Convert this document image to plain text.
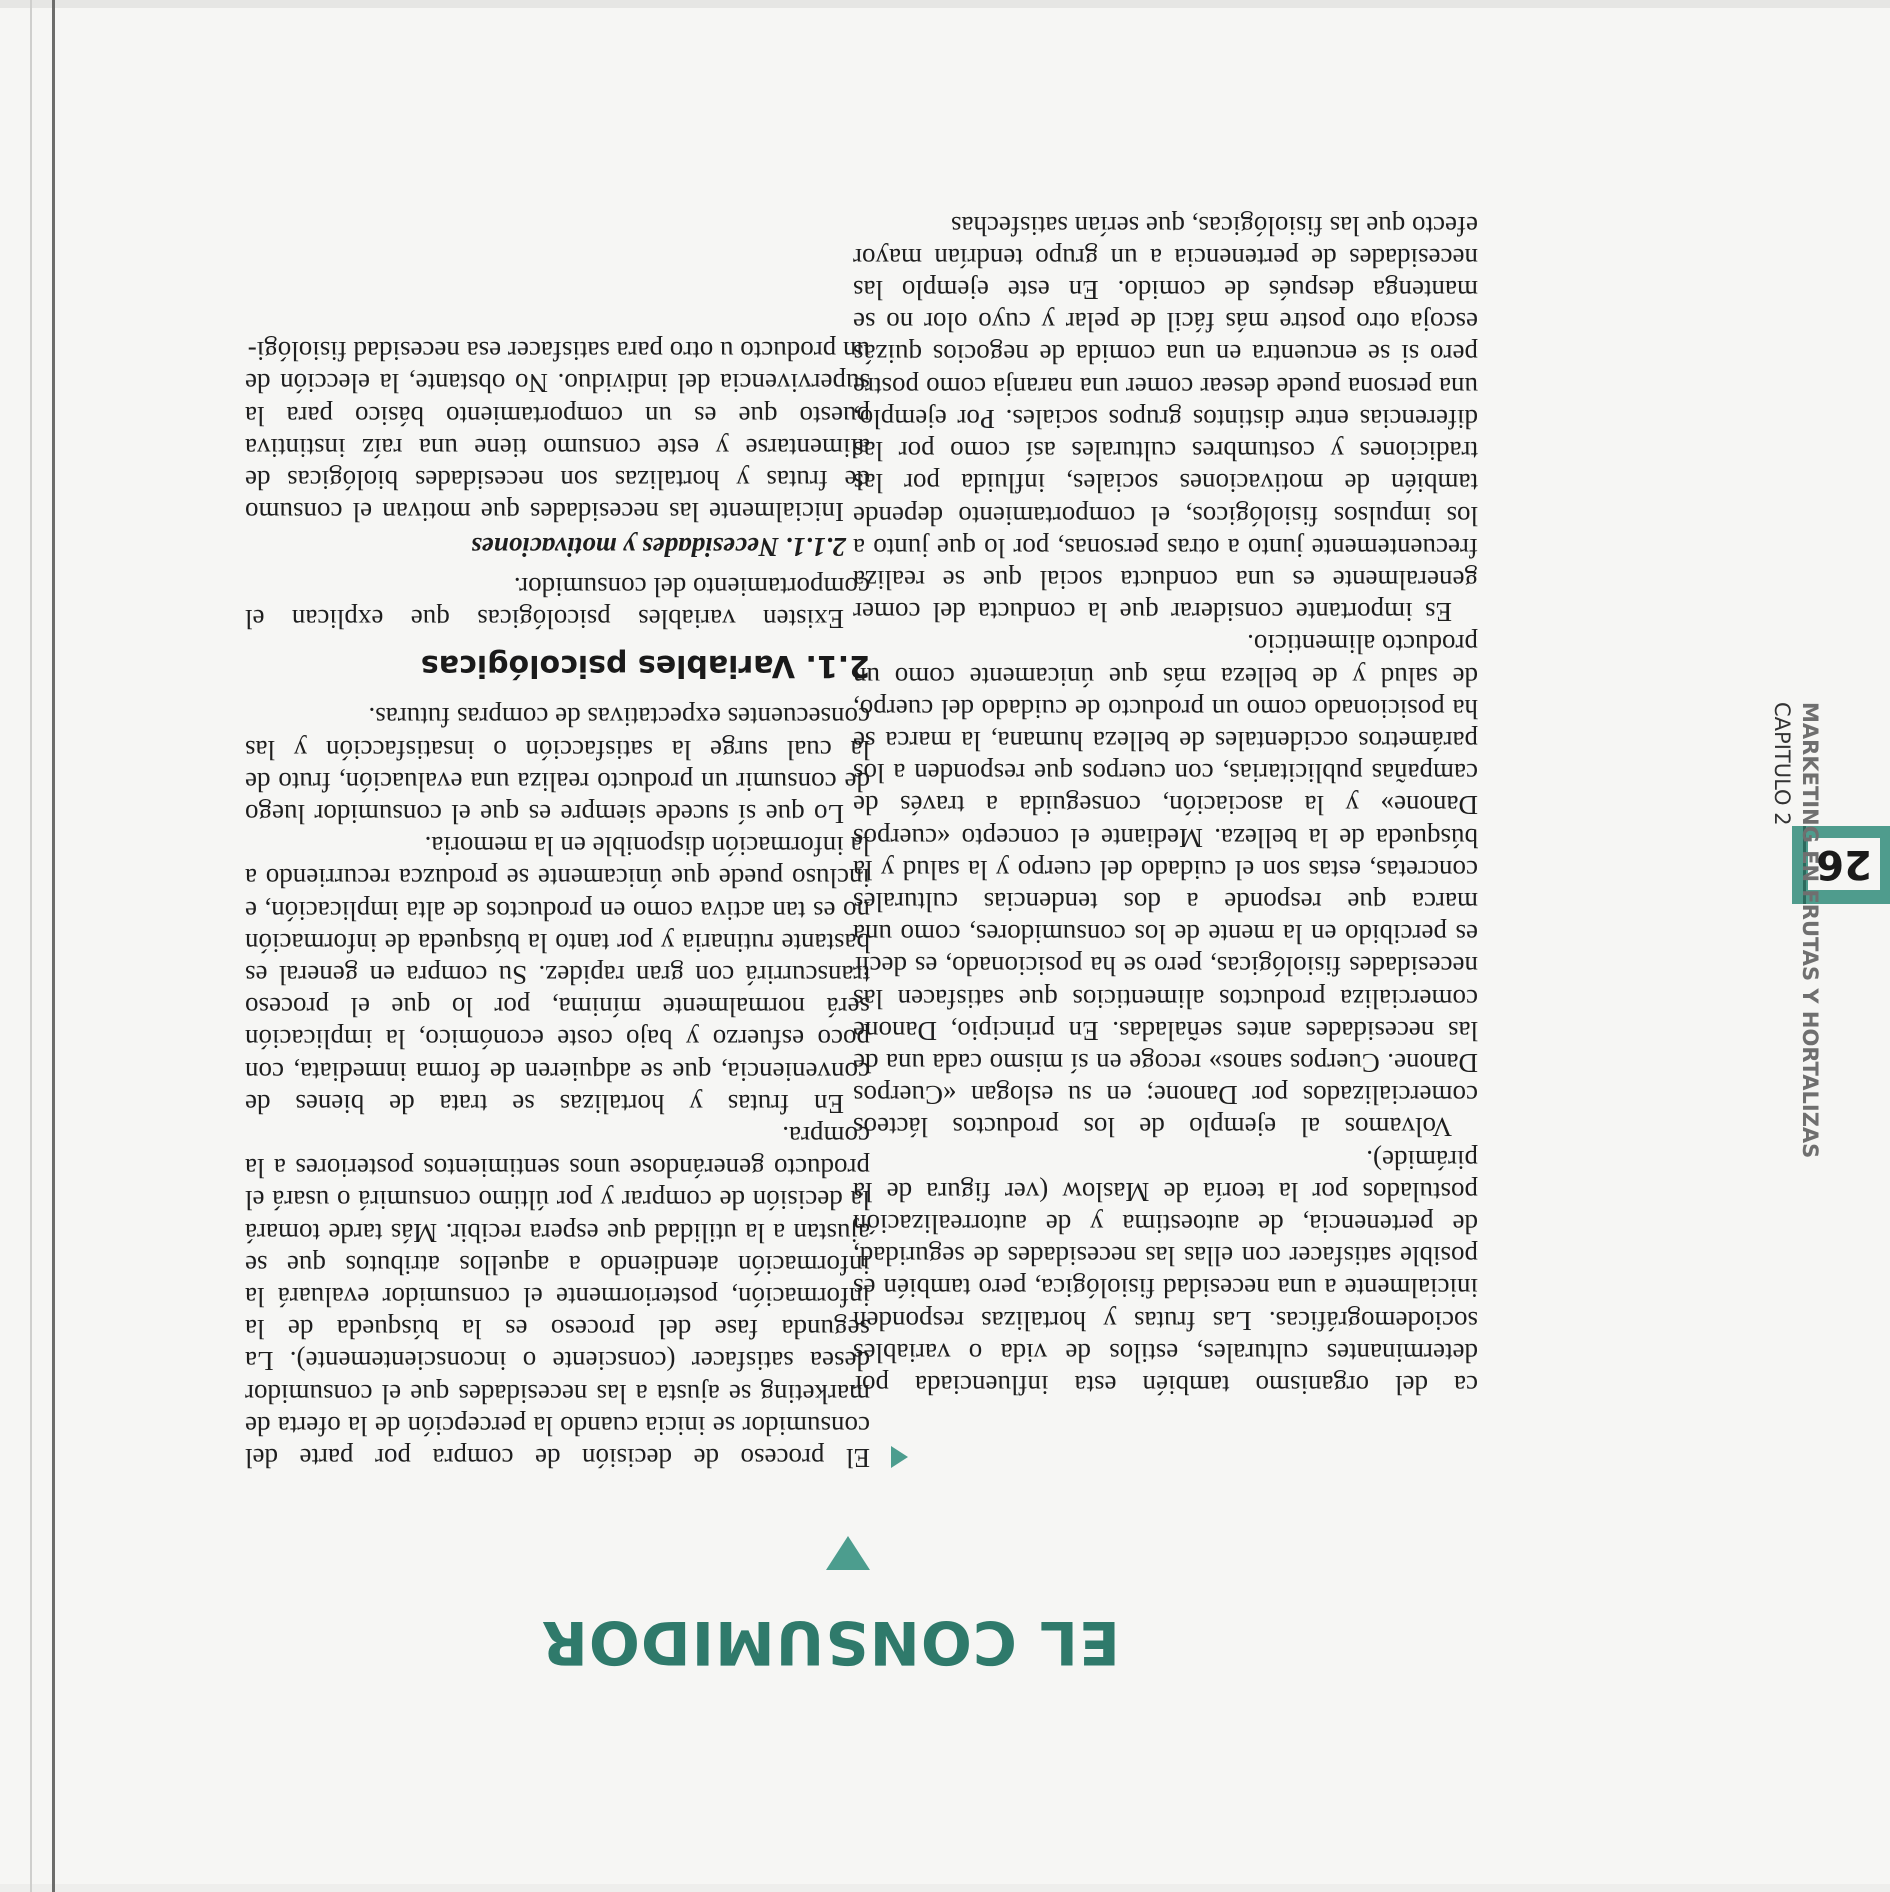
EL CONSUMIDOR

ca del organismo también esta influenciada por determinantes culturales, estilos de vida o variables sociodemográficas. Las frutas y hortalizas responden inicialmente a una necesidad fisiológica, pero también es posible satisfacer con ellas las necesidades de seguridad, de pertenencia, de autoestima y de autorrealización postulados por la teoría de Maslow (ver figura de la pirámide).

Volvamos al ejemplo de los productos lácteos comercializados por Danone; en su eslogan «Cuerpos Danone. Cuerpos sanos» recoge en sí mismo cada una de las necesidades antes señaladas. En principio, Danone comercializa productos alimenticios que satisfacen las necesidades fisiológicas, pero se ha posicionado, es decir es percibido en la mente de los consumidores, como una marca que responde a dos tendencias culturales concretas, estas son el cuidado del cuerpo y la salud y la búsqueda de la belleza. Mediante el concepto «cuerpos Danone» y la asociación, conseguida a través de campañas publicitarias, con cuerpos que responden a los parámetros occidentales de belleza humana, la marca se ha posicionado como un producto de cuidado del cuerpo, de salud y de belleza más que únicamente como un producto alimenticio.

Es importante considerar que la conducta del comer generalmente es una conducta social que se realiza frecuentemente junto a otras personas, por lo que junto a los impulsos fisiológicos, el comportamiento depende también de motivaciones sociales, influida por las tradiciones y costumbres culturales así como por las diferencias entre distintos grupos sociales. Por ejemplo, una persona puede desear comer una naranja como postre pero si se encuentra en una comida de negocios quizás escoja otro postre más fácil de pelar y cuyo olor no se mantenga después de comido. En este ejemplo las necesidades de pertenencia a un grupo tendrían mayor efecto que las fisiológicas, que serían satisfechas

El proceso de decisión de compra por parte del consumidor se inicia cuando la percepción de la oferta de marketing se ajusta a las necesidades que el consumidor desea satisfacer (consciente o inconscientemente). La segunda fase del proceso es la búsqueda de la información, posteriormente el consumidor evaluará la información atendiendo a aquellos atributos que se ajustan a la utilidad que espera recibir. Más tarde tomará la decisión de comprar y por último consumirá o usará el producto generándose unos sentimientos posteriores a la compra.

En frutas y hortalizas se trata de bienes de conveniencia, que se adquieren de forma inmediata, con poco esfuerzo y bajo coste económico, la implicación será normalmente mínima, por lo que el proceso transcurrirá con gran rapidez. Su compra en general es bastante rutinaria y por tanto la búsqueda de información no es tan activa como en productos de alta implicación, e incluso puede que únicamente se produzca recurriendo a la información disponible en la memoria.

Lo que sí sucede siempre es que el consumidor luego de consumir un producto realiza una evaluación, fruto de la cual surge la satisfacción o insatisfacción y las consecuentes expectativas de compras futuras.

2.1. Variables psicológicas

Existen variables psicológicas que explican el comportamiento del consumidor.

2.1.1. Necesidades y motivaciones

Inicialmente las necesidades que motivan el consumo de frutas y hortalizas son necesidades biológicas de alimentarse y este consumo tiene una raíz instintiva puesto que es un comportamiento básico para la supervivencia del individuo. No obstante, la elección de un producto u otro para satisfacer esa necesidad fisiológi-

26
MARKETING EN FRUTAS Y HORTALIZAS
CAPITULO 2
